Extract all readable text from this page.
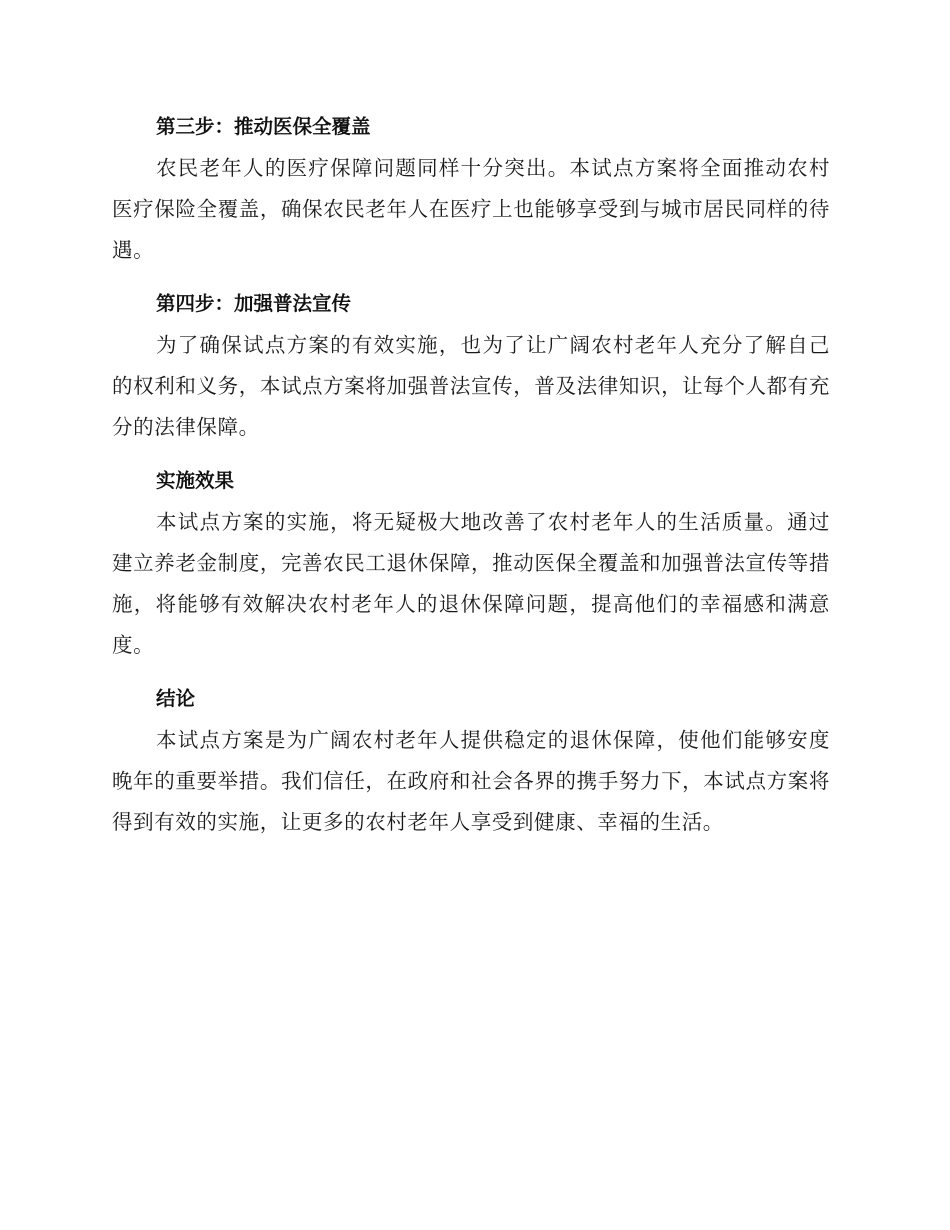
第三步：推动医保全覆盖

农民老年人的医疗保障问题同样十分突出。本试点方案将全面推动农村医疗保险全覆盖，确保农民老年人在医疗上也能够享受到与城市居民同样的待遇。

第四步：加强普法宣传

为了确保试点方案的有效实施，也为了让广阔农村老年人充分了解自己的权利和义务，本试点方案将加强普法宣传，普及法律知识，让每个人都有充分的法律保障。

实施效果

本试点方案的实施，将无疑极大地改善了农村老年人的生活质量。通过建立养老金制度，完善农民工退休保障，推动医保全覆盖和加强普法宣传等措施，将能够有效解决农村老年人的退休保障问题，提高他们的幸福感和满意度。

结论

本试点方案是为广阔农村老年人提供稳定的退休保障，使他们能够安度晚年的重要举措。我们信任，在政府和社会各界的携手努力下，本试点方案将得到有效的实施，让更多的农村老年人享受到健康、幸福的生活。
